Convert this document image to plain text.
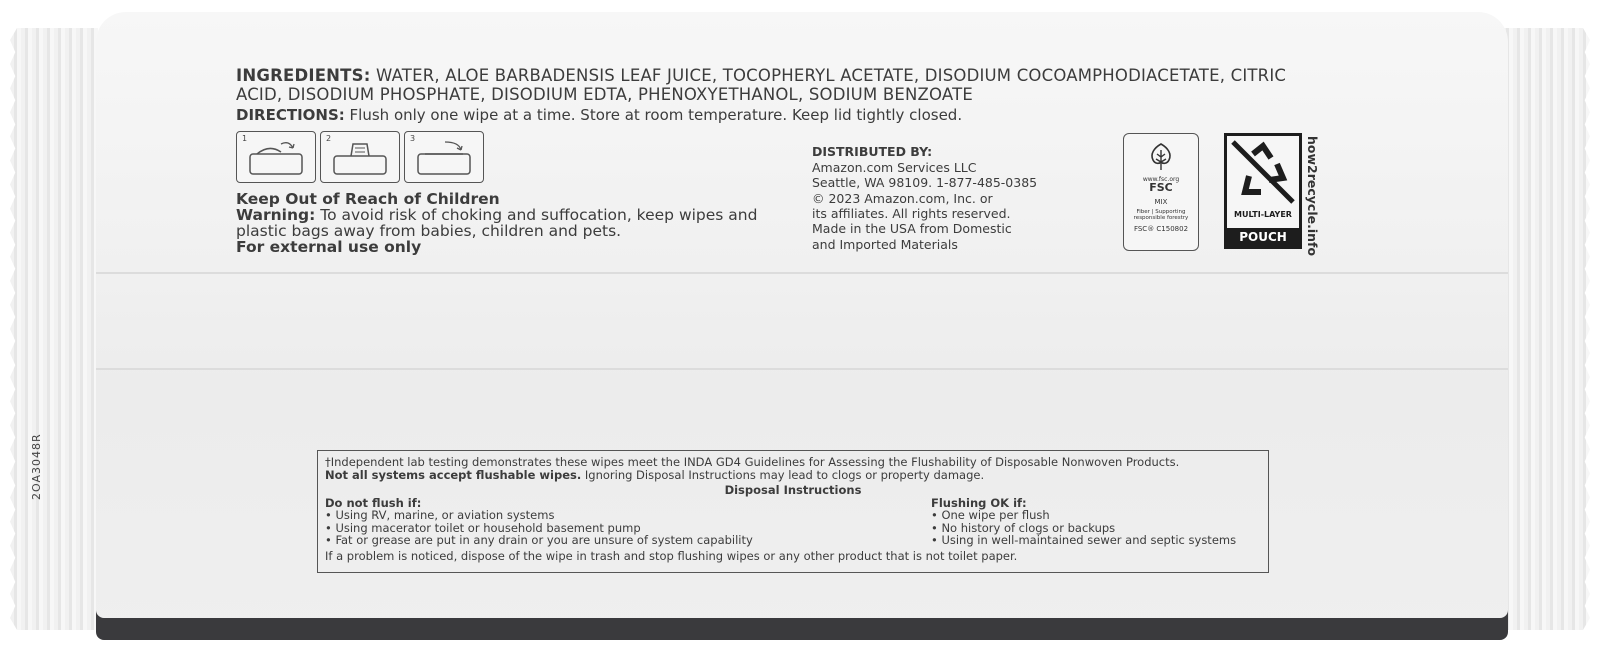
2OA3048R
INGREDIENTS: WATER, ALOE BARBADENSIS LEAF JUICE, TOCOPHERYL ACETATE, DISODIUM COCOAMPHODIACETATE, CITRIC ACID, DISODIUM PHOSPHATE, DISODIUM EDTA, PHENOXYETHANOL, SODIUM BENZOATE
DIRECTIONS: Flush only one wipe at a time. Store at room temperature. Keep lid tightly closed.
1	2	3
Keep Out of Reach of Children
Warning: To avoid risk of choking and suffocation, keep wipes and plastic bags away from babies, children and pets.
For external use only
DISTRIBUTED BY:
Amazon.com Services LLC
Seattle, WA 98109. 1-877-485-0385
© 2023 Amazon.com, Inc. or
its affiliates. All rights reserved.
Made in the USA from Domestic
and Imported Materials
www.fsc.org
FSC
MIX
Fiber | Supporting responsible forestry
FSC® C150802
MULTI-LAYER
POUCH	how2recycle.info
†Independent lab testing demonstrates these wipes meet the INDA GD4 Guidelines for Assessing the Flushability of Disposable Nonwoven Products.
Not all systems accept flushable wipes. Ignoring Disposal Instructions may lead to clogs or property damage.
Disposal Instructions
Do not flush if:
• Using RV, marine, or aviation systems
• Using macerator toilet or household basement pump
• Fat or grease are put in any drain or you are unsure of system capability
Flushing OK if:
• One wipe per flush
• No history of clogs or backups
• Using in well-maintained sewer and septic systems
If a problem is noticed, dispose of the wipe in trash and stop flushing wipes or any other product that is not toilet paper.
